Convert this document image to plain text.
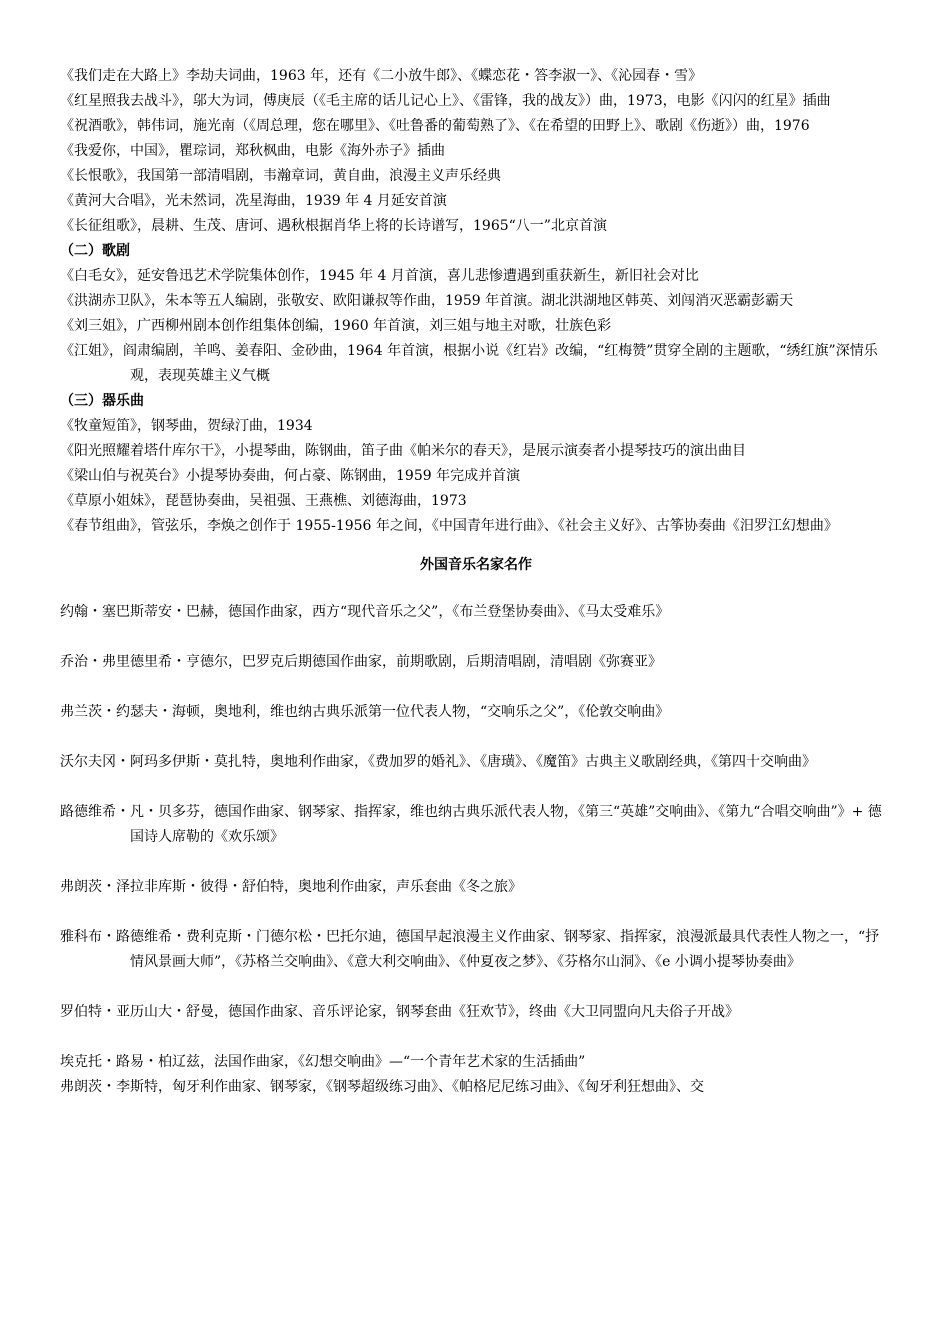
《我们走在大路上》李劫夫词曲，1963 年，还有《二小放牛郎》、《蝶恋花・答李淑一》、《沁园春・雪》

《红星照我去战斗》，邬大为词，傅庚辰（《毛主席的话儿记心上》、《雷锋，我的战友》）曲，1973，电影《闪闪的红星》插曲

《祝酒歌》，韩伟词，施光南（《周总理，您在哪里》、《吐鲁番的葡萄熟了》、《在希望的田野上》、歌剧《伤逝》）曲，1976

《我爱你，中国》，瞿琮词，郑秋枫曲，电影《海外赤子》插曲

《长恨歌》，我国第一部清唱剧，韦瀚章词，黄自曲，浪漫主义声乐经典

《黄河大合唱》，光未然词，冼星海曲，1939 年 4 月延安首演

《长征组歌》，晨耕、生茂、唐诃、遇秋根据肖华上将的长诗谱写，1965“八一”北京首演

（二）歌剧

《白毛女》，延安鲁迅艺术学院集体创作，1945 年 4 月首演，喜儿悲惨遭遇到重获新生，新旧社会对比

《洪湖赤卫队》，朱本等五人编剧，张敬安、欧阳谦叔等作曲，1959 年首演。湖北洪湖地区韩英、刘闯消灭恶霸彭霸天

《刘三姐》，广西柳州剧本创作组集体创编，1960 年首演，刘三姐与地主对歌，壮族色彩

《江姐》，阎肃编剧，羊鸣、姜春阳、金砂曲，1964 年首演，根据小说《红岩》改编，“红梅赞”贯穿全剧的主题歌，“绣红旗”深情乐观，表现英雄主义气概

（三）器乐曲

《牧童短笛》，钢琴曲，贺绿汀曲，1934

《阳光照耀着塔什库尔干》，小提琴曲，陈钢曲，笛子曲《帕米尔的春天》，是展示演奏者小提琴技巧的演出曲目

《梁山伯与祝英台》小提琴协奏曲，何占豪、陈钢曲，1959 年完成并首演

《草原小姐妹》，琵琶协奏曲，吴祖强、王燕樵、刘德海曲，1973

《春节组曲》，管弦乐，李焕之创作于 1955-1956 年之间，《中国青年进行曲》、《社会主义好》、古筝协奏曲《汨罗江幻想曲》

外国音乐名家名作

约翰・塞巴斯蒂安・巴赫，德国作曲家，西方“现代音乐之父”，《布兰登堡协奏曲》、《马太受难乐》

乔治・弗里德里希・亨德尔，巴罗克后期德国作曲家，前期歌剧，后期清唱剧，清唱剧《弥赛亚》

弗兰茨・约瑟夫・海顿，奥地利，维也纳古典乐派第一位代表人物，“交响乐之父”，《伦敦交响曲》

沃尔夫冈・阿玛多伊斯・莫扎特，奥地利作曲家，《费加罗的婚礼》、《唐璜》、《魔笛》古典主义歌剧经典，《第四十交响曲》

路德维希・凡・贝多芬，德国作曲家、钢琴家、指挥家，维也纳古典乐派代表人物，《第三“英雄”交响曲》、《第九“合唱交响曲”》+ 德国诗人席勒的《欢乐颂》

弗朗茨・泽拉非库斯・彼得・舒伯特，奥地利作曲家，声乐套曲《冬之旅》

雅科布・路德维希・费利克斯・门德尔松・巴托尔迪，德国早起浪漫主义作曲家、钢琴家、指挥家，浪漫派最具代表性人物之一，“抒情风景画大师”，《苏格兰交响曲》、《意大利交响曲》、《仲夏夜之梦》、《芬格尔山洞》、《e 小调小提琴协奏曲》

罗伯特・亚历山大・舒曼，德国作曲家、音乐评论家，钢琴套曲《狂欢节》，终曲《大卫同盟向凡夫俗子开战》

埃克托・路易・柏辽兹，法国作曲家，《幻想交响曲》—“一个青年艺术家的生活插曲”

弗朗茨・李斯特，匈牙利作曲家、钢琴家，《钢琴超级练习曲》、《帕格尼尼练习曲》、《匈牙利狂想曲》、交
